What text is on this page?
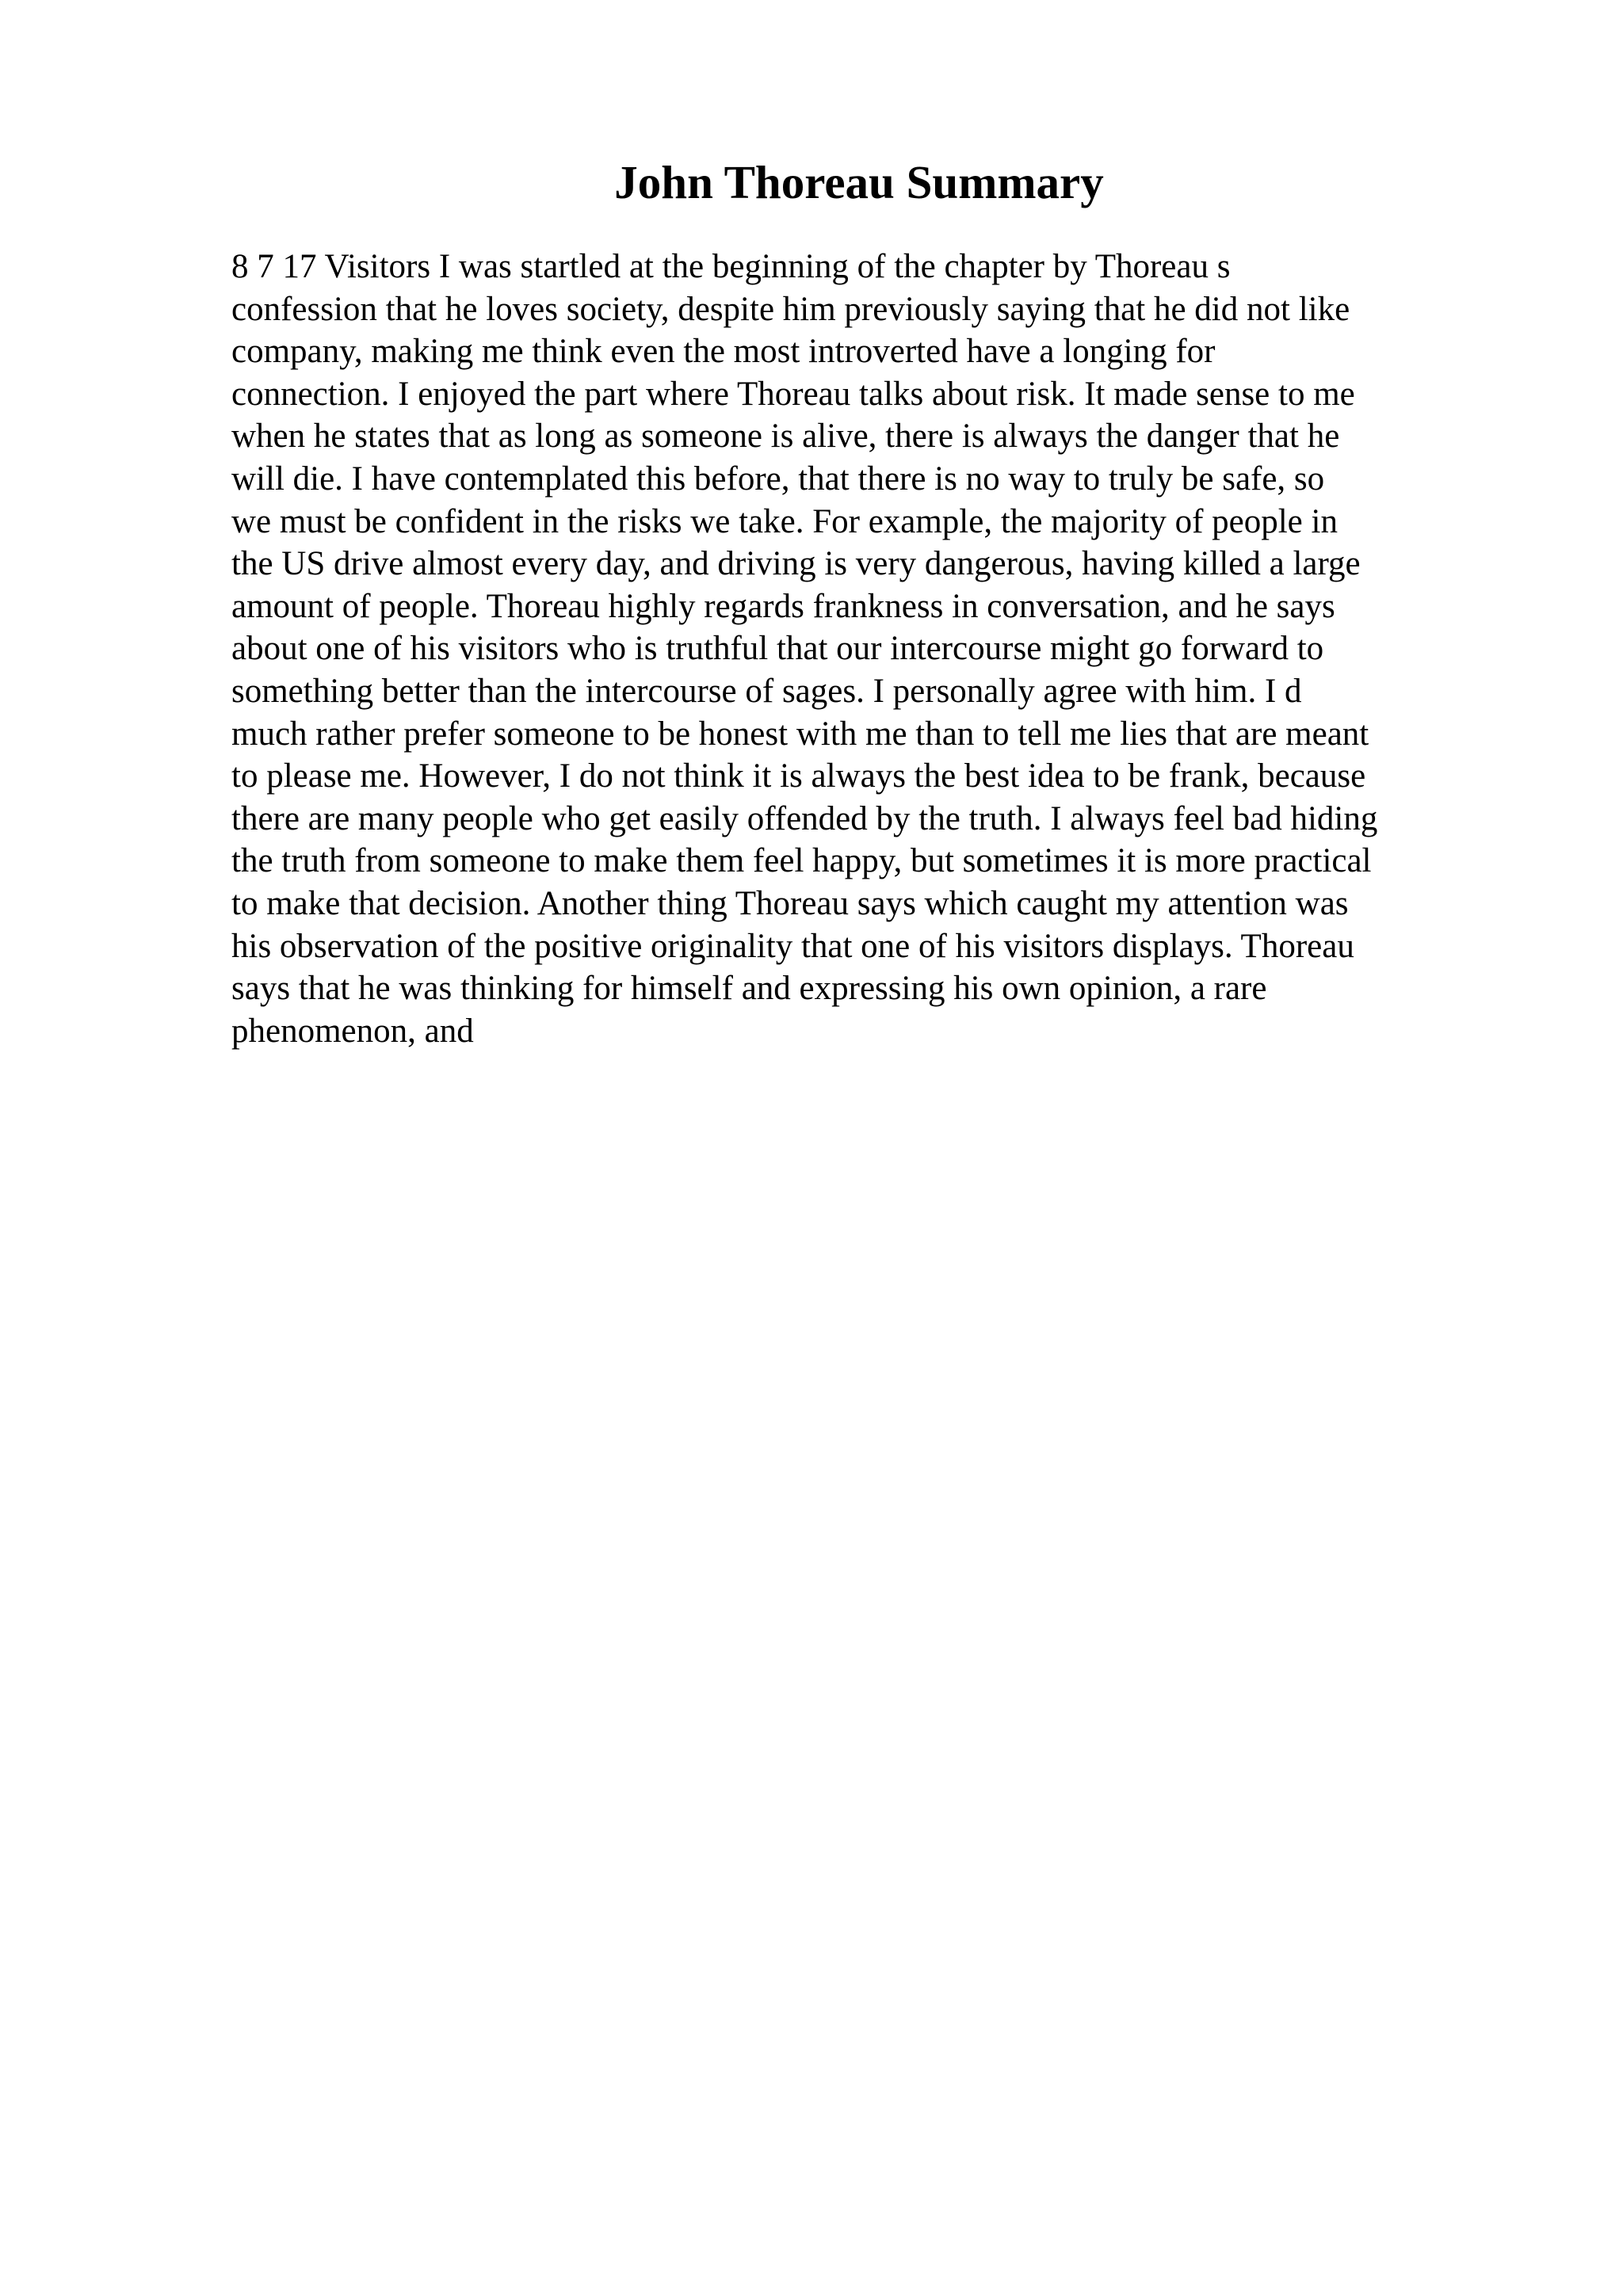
John Thoreau Summary
8 7 17 Visitors I was startled at the beginning of the chapter by Thoreau s
confession that he loves society, despite him previously saying that he did not like
company, making me think even the most introverted have a longing for
connection. I enjoyed the part where Thoreau talks about risk. It made sense to me
when he states that as long as someone is alive, there is always the danger that he
will die. I have contemplated this before, that there is no way to truly be safe, so
we must be confident in the risks we take. For example, the majority of people in
the US drive almost every day, and driving is very dangerous, having killed a large
amount of people. Thoreau highly regards frankness in conversation, and he says
about one of his visitors who is truthful that our intercourse might go forward to
something better than the intercourse of sages. I personally agree with him. I d
much rather prefer someone to be honest with me than to tell me lies that are meant
to please me. However, I do not think it is always the best idea to be frank, because
there are many people who get easily offended by the truth. I always feel bad hiding
the truth from someone to make them feel happy, but sometimes it is more practical
to make that decision. Another thing Thoreau says which caught my attention was
his observation of the positive originality that one of his visitors displays. Thoreau
says that he was thinking for himself and expressing his own opinion, a rare
phenomenon, and
